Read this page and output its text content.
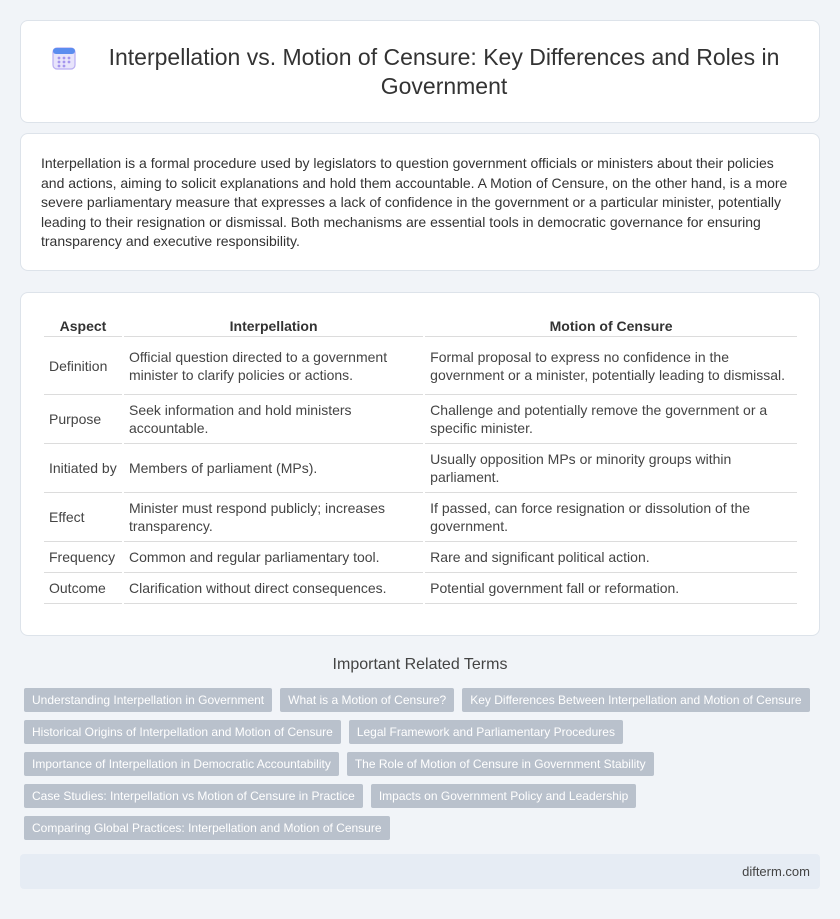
Interpellation vs. Motion of Censure: Key Differences and Roles in Government

Interpellation is a formal procedure used by legislators to question government officials or ministers about their policies and actions, aiming to solicit explanations and hold them accountable. A Motion of Censure, on the other hand, is a more severe parliamentary measure that expresses a lack of confidence in the government or a particular minister, potentially leading to their resignation or dismissal. Both mechanisms are essential tools in democratic governance for ensuring transparency and executive responsibility.

Aspect	Interpellation	Motion of Censure
Definition	Official question directed to a government minister to clarify policies or actions.	Formal proposal to express no confidence in the government or a minister, potentially leading to dismissal.
Purpose	Seek information and hold ministers accountable.	Challenge and potentially remove the government or a specific minister.
Initiated by	Members of parliament (MPs).	Usually opposition MPs or minority groups within parliament.
Effect	Minister must respond publicly; increases transparency.	If passed, can force resignation or dissolution of the government.
Frequency	Common and regular parliamentary tool.	Rare and significant political action.
Outcome	Clarification without direct consequences.	Potential government fall or reformation.
Important Related Terms
Understanding Interpellation in Government	What is a Motion of Censure?	Key Differences Between Interpellation and Motion of Censure
Historical Origins of Interpellation and Motion of Censure	Legal Framework and Parliamentary Procedures
Importance of Interpellation in Democratic Accountability	The Role of Motion of Censure in Government Stability
Case Studies: Interpellation vs Motion of Censure in Practice	Impacts on Government Policy and Leadership
Comparing Global Practices: Interpellation and Motion of Censure
difterm.com
